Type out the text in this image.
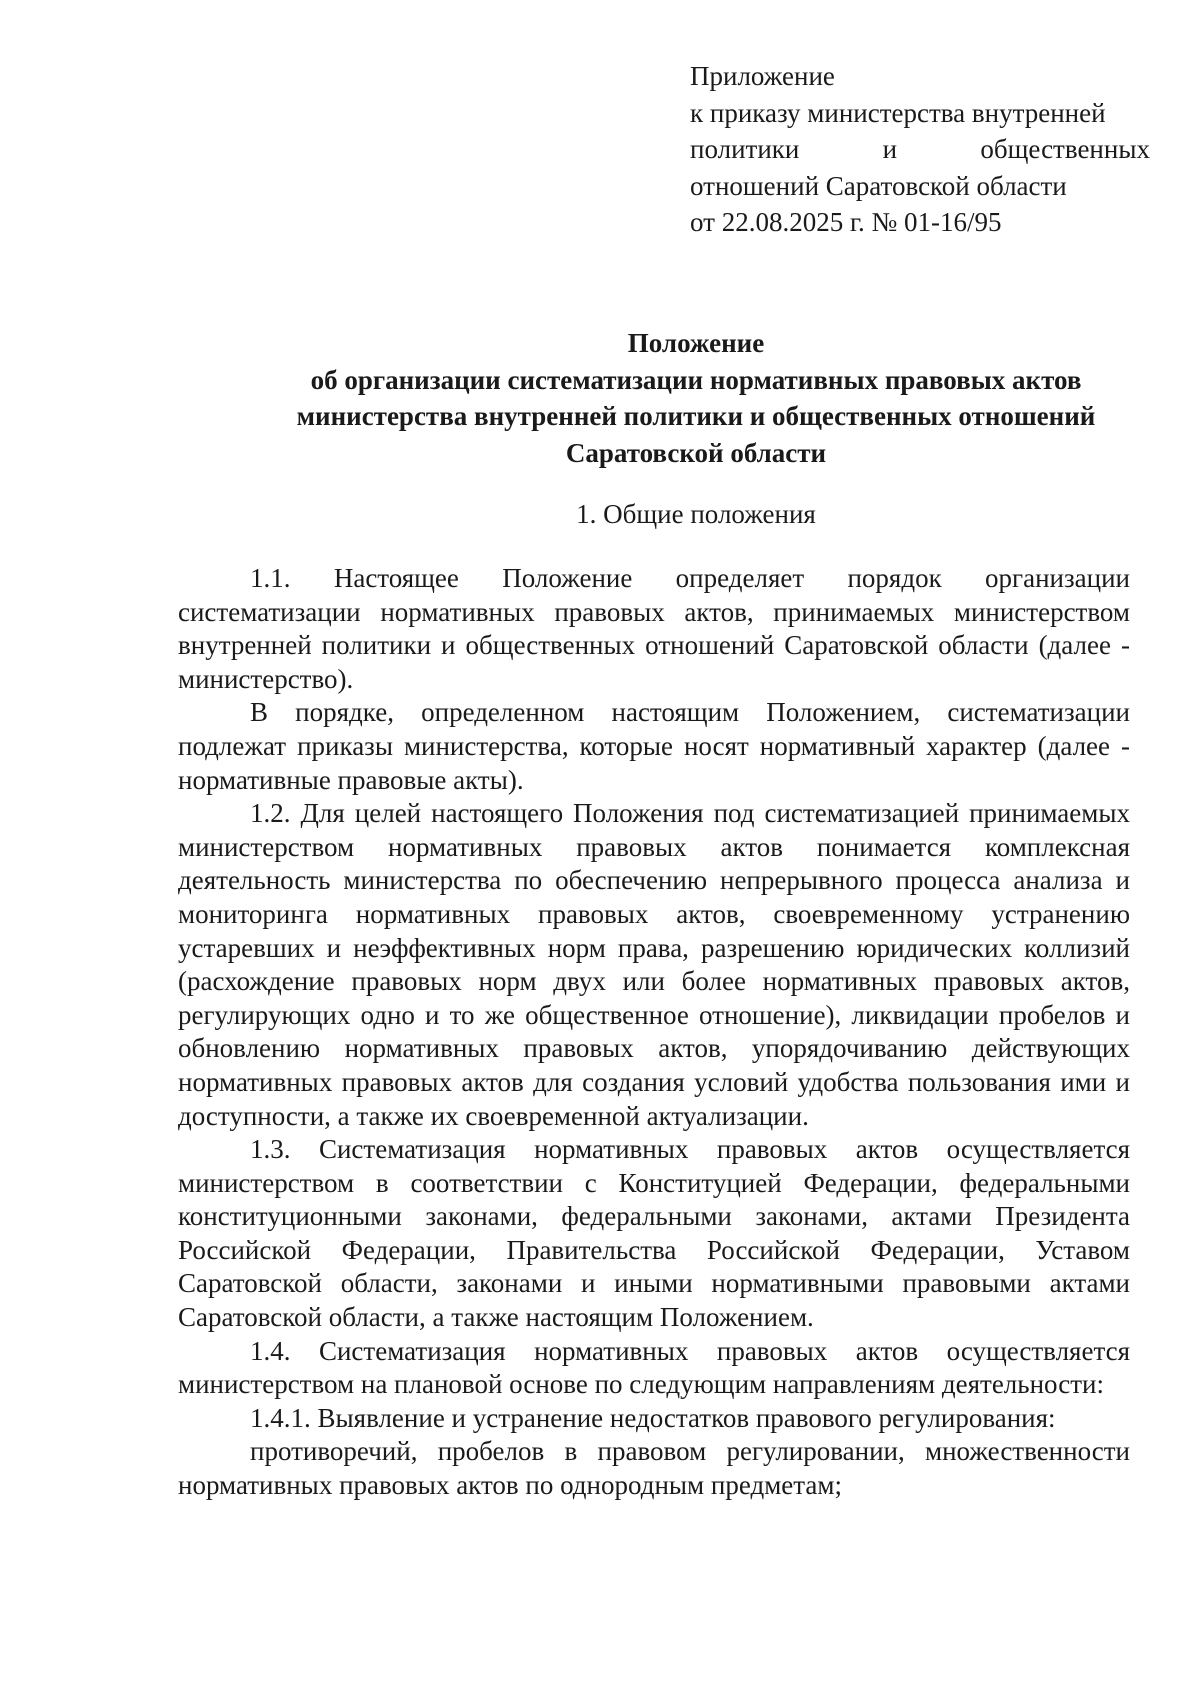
Приложение
к приказу министерства внутренней
политики	и	общественных
отношений Саратовской области
от 22.08.2025 г. № 01-16/95
Положение
об организации систематизации нормативных правовых актов
министерства внутренней политики и общественных отношений
Саратовской области
1. Общие положения

1.1. Настоящее Положение определяет порядок организации систематизации нормативных правовых актов, принимаемых министерством внутренней политики и общественных отношений Саратовской области (далее - министерство).

В порядке, определенном настоящим Положением, систематизации подлежат приказы министерства, которые носят нормативный характер (далее - нормативные правовые акты).

1.2. Для целей настоящего Положения под систематизацией принимаемых министерством нормативных правовых актов понимается комплексная деятельность министерства по обеспечению непрерывного процесса анализа и мониторинга нормативных правовых актов, своевременному устранению устаревших и неэффективных норм права, разрешению юридических коллизий (расхождение правовых норм двух или более нормативных правовых актов, регулирующих одно и то же общественное отношение), ликвидации пробелов и обновлению нормативных правовых актов, упорядочиванию действующих нормативных правовых актов для создания условий удобства пользования ими и доступности, а также их своевременной актуализации.

1.3. Систематизация нормативных правовых актов осуществляется министерством в соответствии с Конституцией Федерации, федеральными конституционными законами, федеральными законами, актами Президента Российской Федерации, Правительства Российской Федерации, Уставом Саратовской области, законами и иными нормативными правовыми актами Саратовской области, а также настоящим Положением.

1.4. Систематизация нормативных правовых актов осуществляется министерством на плановой основе по следующим направлениям деятельности:

1.4.1. Выявление и устранение недостатков правового регулирования:

противоречий, пробелов в правовом регулировании, множественности нормативных правовых актов по однородным предметам;
